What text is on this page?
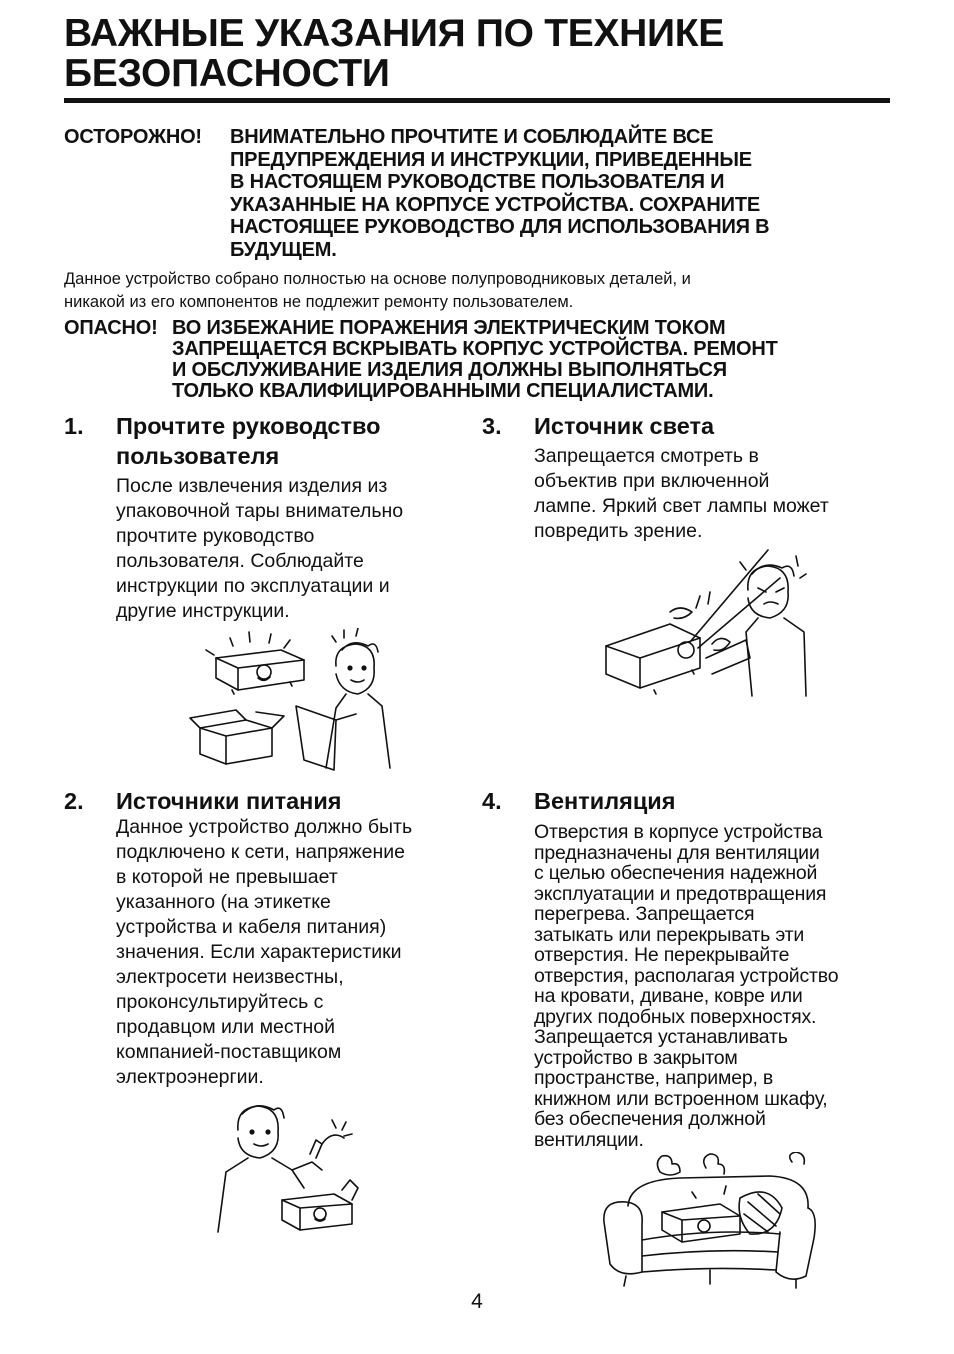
ВАЖНЫЕ УКАЗАНИЯ ПО ТЕХНИКЕ
БЕЗОПАСНОСТИ
ОСТОРОЖНО! ВНИМАТЕЛЬНО ПРОЧТИТЕ И СОБЛЮДАЙТЕ ВСЕ
ПРЕДУПРЕЖДЕНИЯ И ИНСТРУКЦИИ, ПРИВЕДЕННЫЕ
В НАСТОЯЩЕМ РУКОВОДСТВЕ ПОЛЬЗОВАТЕЛЯ И
УКАЗАННЫЕ НА КОРПУСЕ УСТРОЙСТВА. СОХРАНИТЕ
НАСТОЯЩЕЕ РУКОВОДСТВО ДЛЯ ИСПОЛЬЗОВАНИЯ В
БУДУЩЕМ.
Данное устройство собрано полностью на основе полупроводниковых деталей, и
никакой из его компонентов не подлежит ремонту пользователем.
ОПАСНО! ВО ИЗБЕЖАНИЕ ПОРАЖЕНИЯ ЭЛЕКТРИЧЕСКИМ ТОКОМ
ЗАПРЕЩАЕТСЯ ВСКРЫВАТЬ КОРПУС УСТРОЙСТВА. РЕМОНТ
И ОБСЛУЖИВАНИЕ ИЗДЕЛИЯ ДОЛЖНЫ ВЫПОЛНЯТЬСЯ
ТОЛЬКО КВАЛИФИЦИРОВАННЫМИ СПЕЦИАЛИСТАМИ.
1. Прочтите руководство
пользователя
После извлечения изделия из
упаковочной тары внимательно
прочтите руководство
пользователя. Соблюдайте
инструкции по эксплуатации и
другие инструкции.
2. Источники питания
Данное устройство должно быть
подключено к сети, напряжение
в которой не превышает
указанного (на этикетке
устройства и кабеля питания)
значения. Если характеристики
электросети неизвестны,
проконсультируйтесь с
продавцом или местной
компанией-поставщиком
электроэнергии.
3. Источник света
Запрещается смотреть в
объектив при включенной
лампе. Яркий свет лампы может
повредить зрение.
4. Вентиляция
Отверстия в корпусе устройства
предназначены для вентиляции
с целью обеспечения надежной
эксплуатации и предотвращения
перегрева. Запрещается
затыкать или перекрывать эти
отверстия. Не перекрывайте
отверстия, располагая устройство
на кровати, диване, ковре или
других подобных поверхностях.
Запрещается устанавливать
устройство в закрытом
пространстве, например, в
книжном или встроенном шкафу,
без обеспечения должной
вентиляции.
4
